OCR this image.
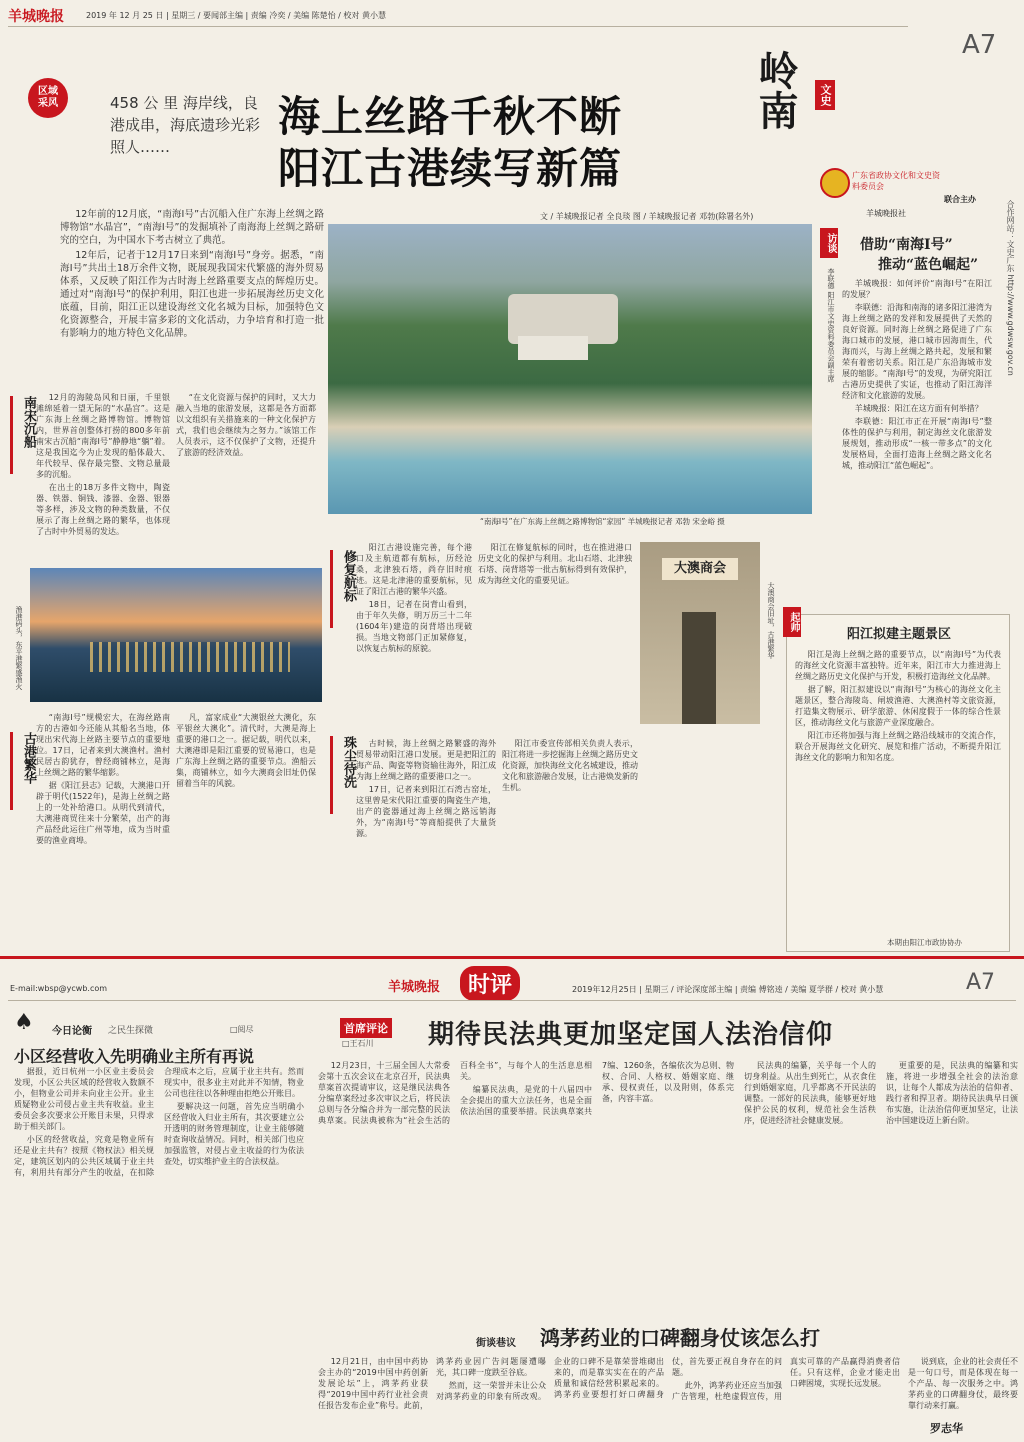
羊城晚报	2019 年 12 月 25 日 | 星期三 / 要闻部主编 | 责编 冷奕 / 美编 陈楚怡 / 校对 黄小慧
A7
岭南	文史
区域采风	458 公 里 海岸线，良港成串，海底遗珍光彩照人……
海上丝路千秋不断
阳江古港续写新篇	广东省政协文化和文史资料委员会
联合主办
羊城晚报社	合作网站：文史广东 http://www.gdwsw.gov.cn

12年前的12月底，“南海Ⅰ号”古沉船入住广东海上丝绸之路博物馆“水晶宫”，“南海Ⅰ号”的发掘填补了南海海上丝绸之路研究的空白，为中国水下考古树立了典范。

12年后，记者于12月17日来到“南海Ⅰ号”身旁。据悉，“南海Ⅰ号”共出土18万余件文物，既展现我国宋代繁盛的海外贸易体系，又反映了阳江作为古时海上丝路重要支点的辉煌历史。通过对“南海Ⅰ号”的保护利用，阳江也进一步拓展海丝历史文化底蕴，目前，阳江正以建设海丝文化名城为目标，加强特色文化资源整合，开展丰富多彩的文化活动，力争培育和打造一批有影响力的地方特色文化品牌。

文 / 羊城晚报记者 全良琰 图 / 羊城晚报记者 邓勃(除署名外)
“南海Ⅰ号”在广东海上丝绸之路博物馆“家园” 羊城晚报记者 邓勃 宋金峪 摄
访谈
李联德 阳江市文史资料委员会副主席
借助“南海Ⅰ号”
推动“蓝色崛起”

羊城晚报：如何评价“南海Ⅰ号”在阳江的发展？

李联德：沿海和南海的诸多阳江港湾为海上丝绸之路的发祥和发展提供了天然的良好资源。同时海上丝绸之路促进了广东海口城市的发展，港口城市因海而生，代海而兴，与海上丝绸之路共起，发展和繁荣有着密切关系。阳江是广东沿海城市发展的缩影。“南海Ⅰ号”的发现，为研究阳江古港历史提供了实证，也推动了阳江海洋经济和文化旅游的发展。

羊城晚报：阳江在这方面有何举措？

李联德：阳江市正在开展“南海Ⅰ号”整体性的保护与利用，制定海丝文化旅游发展规划，推动形成“一核一带多点”的文化发展格局，全面打造海上丝绸之路文化名城，推动阳江“蓝色崛起”。

南宋沉船	12月的海陵岛风和日丽，千里银滩绵延着一望无际的“水晶宫”。这是广东海上丝绸之路博物馆。博物馆内，世界首创整体打捞的800多年前南宋古沉船“南海Ⅰ号”静静地“躺”着。这是我国迄今为止发现的船体最大、年代较早、保存最完整、文物总量最多的沉船。

在出土的18万多件文物中，陶瓷器、铁器、铜钱、漆器、金器、银器等多样，涉及文物的种类数量，不仅展示了海上丝绸之路的繁华，也体现了古时中外贸易的发达。

“在文化资源与保护的同时，又大力融入当地的旅游发展，这都是各方面都以文组织有关措施来的一种文化保护方式，我们也会继续为之努力。”该馆工作人员表示，这不仅保护了文物，还提升了旅游的经济效益。

渔港码头，东平港繁盛渔火
古港繁华

“南海Ⅰ号”规模宏大，在海丝路南方的古港如今还能从其船名当地，体现出宋代海上丝路主要节点的重要地位。17日，记者来到大澳渔村。渔村民居古韵犹存，曾经商铺林立，是海上丝绸之路的繁华缩影。

据《阳江县志》记载，大澳港口开辟于明代(1522年)，是海上丝绸之路上的一处补给港口。从明代到清代，大澳港商贸往来十分繁荣，出产的海产品经此运往广州等地，成为当时重要的渔业商埠。

凡，富家成业“大澳银丝大澳化，东平银丝大澳化”。清代时，大澳是海上重要的港口之一。据记载，明代以来，大澳港即是阳江重要的贸易港口，也是广东海上丝绸之路的重要节点。渔船云集，商铺林立，如今大澳商会旧址仍保留着当年的风貌。

修复航标

阳江古港设施完善，每个港口及主航道都有航标，历经沧桑，北津独石塔，尚存旧时痕迹。这是北津港的重要航标，见证了阳江古港的繁华兴盛。

18日，记者在岗背山看到，由于年久失修，明万历三十二年(1604年)建造的岗背塔出现破损。当地文物部门正加紧修复，以恢复古航标的原貌。

阳江在修复航标的同时，也在推进港口历史文化的保护与利用。北山石塔、北津独石塔、岗背塔等一批古航标得到有效保护，成为海丝文化的重要见证。

大澳商会
大澳商会旧址，古港繁华	起帅
阳江拟建主题景区

阳江是海上丝绸之路的重要节点，以“南海Ⅰ号”为代表的海丝文化资源丰富独特。近年来，阳江市大力推进海上丝绸之路历史文化保护与开发，积极打造海丝文化品牌。

据了解，阳江拟建设以“南海Ⅰ号”为核心的海丝文化主题景区，整合海陵岛、闸坡渔港、大澳渔村等文旅资源，打造集文物展示、研学旅游、休闲度假于一体的综合性景区，推动海丝文化与旅游产业深度融合。

阳江市还将加强与海上丝绸之路沿线城市的交流合作，联合开展海丝文化研究、展览和推广活动，不断提升阳江海丝文化的影响力和知名度。

本期由阳江市政协协办
珠尘待洗	古时候，海上丝绸之路繁盛的海外贸易带动阳江港口发展。更是把阳江的海产品、陶瓷等物资输往海外，阳江成为海上丝绸之路的重要港口之一。

17日，记者来到阳江石湾古窑址，这里曾是宋代阳江重要的陶瓷生产地，出产的瓷器通过海上丝绸之路远销海外，为“南海Ⅰ号”等商船提供了大量货源。

阳江市委宣传部相关负责人表示，阳江将进一步挖掘海上丝绸之路历史文化资源，加快海丝文化名城建设，推动文化和旅游融合发展，让古港焕发新的生机。

E-mail:wbsp@ycwb.com	羊城晚报	时评	2019年12月25日 | 星期三 / 评论深度部主编 | 责编 傅铭逵 / 美编 夏学群 / 校对 黄小慧	A7
♠ 今日论衡 之民生探微	□阅尽
小区经营收入先明确业主所有再说

据报，近日杭州一小区业主委员会发现，小区公共区域的经营收入数额不小，但物业公司并未向业主公开。业主质疑物业公司侵占业主共有收益。业主委员会多次要求公开账目未果，只得求助于相关部门。

小区的经营收益，究竟是物业所有还是业主共有？按照《物权法》相关规定，建筑区划内的公共区域属于业主共有，利用共有部分产生的收益，在扣除合理成本之后，应属于业主共有。然而现实中，很多业主对此并不知情，物业公司也往往以各种理由拒绝公开账目。

要解决这一问题，首先应当明确小区经营收入归业主所有，其次要建立公开透明的财务管理制度，让业主能够随时查询收益情况。同时，相关部门也应加强监管，对侵占业主收益的行为依法查处，切实维护业主的合法权益。

首席评论
□王石川 期待民法典更加坚定国人法治信仰

12月23日，十三届全国人大常委会第十五次会议在北京召开，民法典草案首次提请审议，这是继民法典各分编草案经过多次审议之后，将民法总则与各分编合并为一部完整的民法典草案。民法典被称为“社会生活的百科全书”，与每个人的生活息息相关。

编纂民法典，是党的十八届四中全会提出的重大立法任务，也是全面依法治国的重要举措。民法典草案共7编、1260条，各编依次为总则、物权、合同、人格权、婚姻家庭、继承、侵权责任，以及附则，体系完备，内容丰富。

民法典的编纂，关乎每一个人的切身利益。从出生到死亡，从衣食住行到婚姻家庭，几乎都离不开民法的调整。一部好的民法典，能够更好地保护公民的权利，规范社会生活秩序，促进经济社会健康发展。

更重要的是，民法典的编纂和实施，将进一步增强全社会的法治意识，让每个人都成为法治的信仰者、践行者和捍卫者。期待民法典早日颁布实施，让法治信仰更加坚定，让法治中国建设迈上新台阶。

街谈巷议 鸿茅药业的口碑翻身仗该怎么打

12月21日，由中国中药协会主办的“2019中国中药创新发展论坛”上，鸿茅药业获得“2019中国中药行业社会责任报告发布企业”称号。此前，鸿茅药业因广告问题屡遭曝光，其口碑一度跌至谷底。

然而，这一荣誉并未让公众对鸿茅药业的印象有所改观。企业的口碑不是靠荣誉堆砌出来的，而是靠实实在在的产品质量和诚信经营积累起来的。鸿茅药业要想打好口碑翻身仗，首先要正视自身存在的问题。

此外，鸿茅药业还应当加强广告管理，杜绝虚假宣传，用真实可靠的产品赢得消费者信任。只有这样，企业才能走出口碑困境，实现长远发展。

说到底，企业的社会责任不是一句口号，而是体现在每一个产品、每一次服务之中。鸿茅药业的口碑翻身仗，最终要靠行动来打赢。

罗志华
